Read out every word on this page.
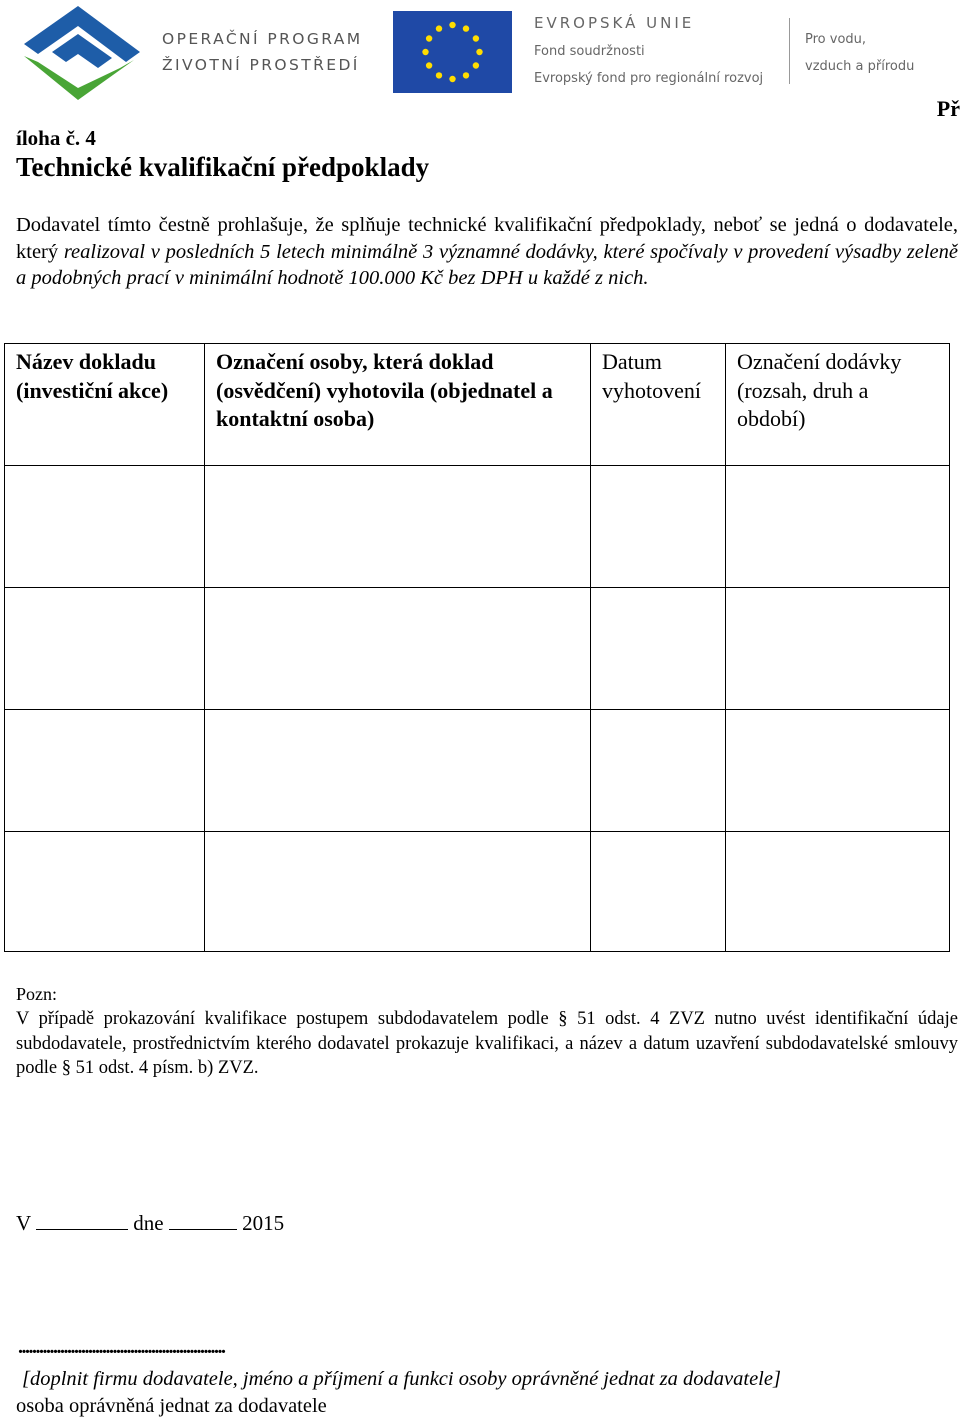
OPERAČNÍ PROGRAM
ŽIVOTNÍ PROSTŘEDÍ
EVROPSKÁ UNIE
Fond soudržnosti
Evropský fond pro regionální rozvoj
Pro vodu,
vzduch a přírodu
Př
íloha č. 4
Technické kvalifikační předpoklady

Dodavatel tímto čestně prohlašuje, že splňuje technické kvalifikační předpoklady, neboť se jedná o dodavatele, který realizoval v posledních 5 letech minimálně 3 významné dodávky, které spočívaly v provedení výsadby zeleně a podobných prací v minimální hodnotě 100.000 Kč bez DPH u každé z nich.

Název dokladu (investiční akce)	Označení osoby, která doklad (osvědčení) vyhotovila (objednatel a kontaktní osoba)	Datum vyhotovení	Označení dodávky (rozsah, druh a období)

Pozn:

V případě prokazování kvalifikace postupem subdodavatelem podle § 51 odst. 4 ZVZ nutno uvést identifikační údaje subdodavatele, prostřednictvím kterého dodavatel prokazuje kvalifikaci, a název a datum uzavření subdodavatelské smlouvy podle § 51 odst. 4 písm. b) ZVZ.

V	dne	2015
...........................................................
[doplnit firmu dodavatele, jméno a příjmení a funkci osoby oprávněné jednat za dodavatele]
osoba oprávněná jednat za dodavatele
